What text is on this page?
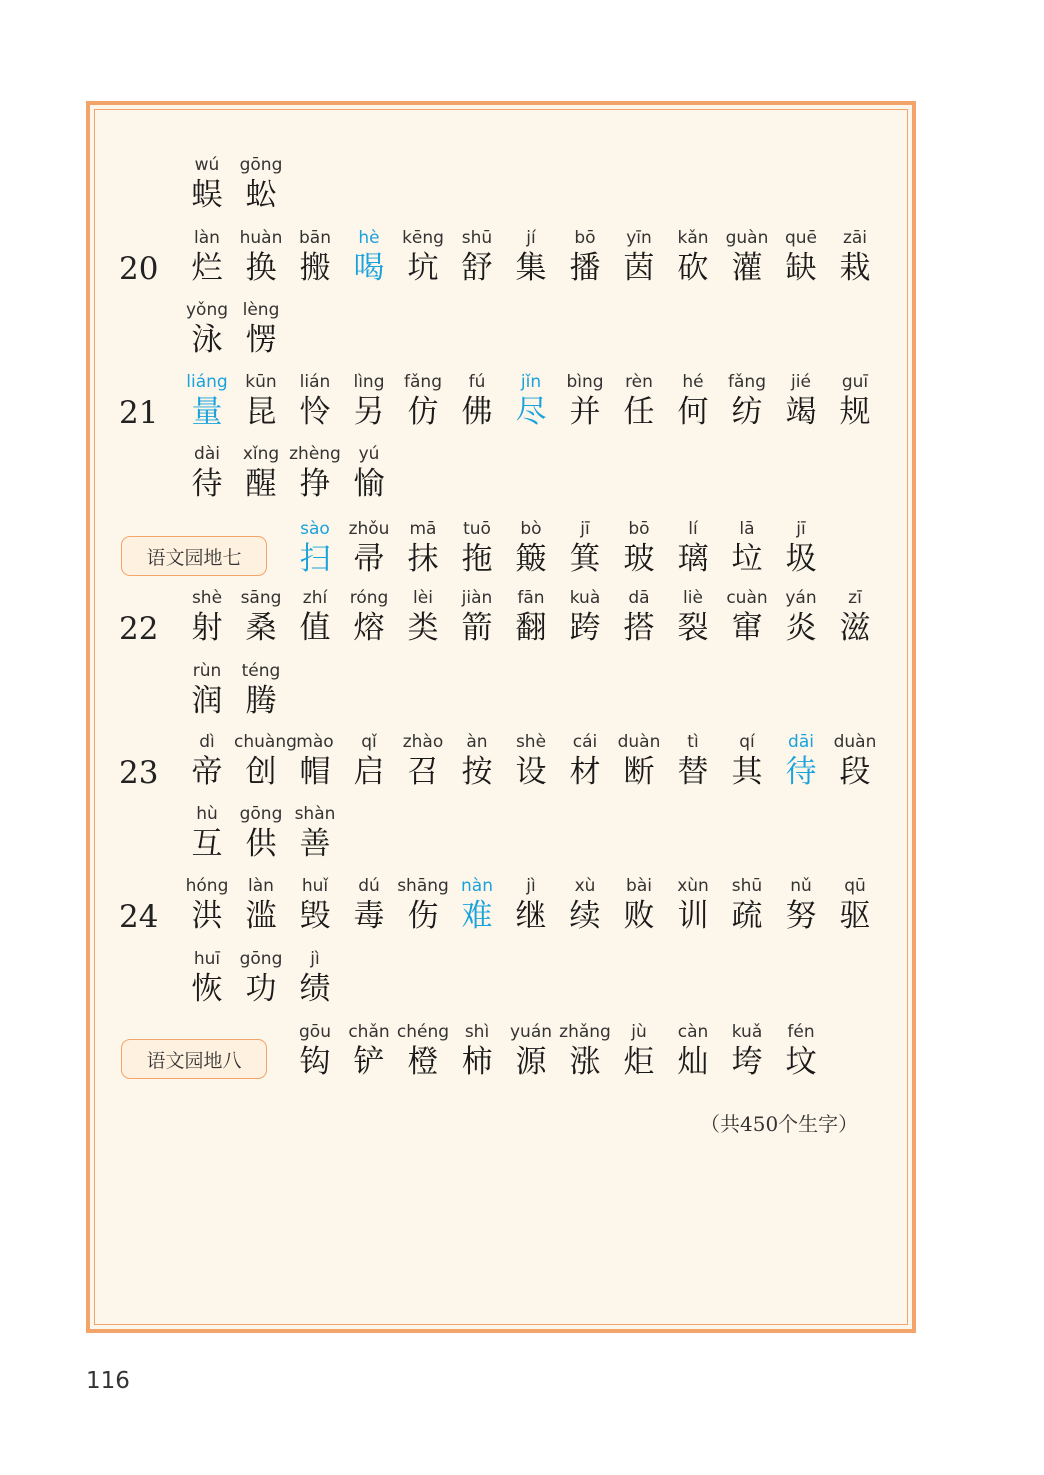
wú
蜈
gōng
蚣
20
làn
烂
huàn
换
bān
搬
hè
喝
kēng
坑
shū
舒
jí
集
bō
播
yīn
茵
kǎn
砍
guàn
灌
quē
缺
zāi
栽
yǒng
泳
lèng
愣
21
liáng
量
kūn
昆
lián
怜
lìng
另
fǎng
仿
fú
佛
jǐn
尽
bìng
并
rèn
任
hé
何
fǎng
纺
jié
竭
guī
规
dài
待
xǐng
醒
zhèng
挣
yú
愉
语文园地七
sào
扫
zhǒu
帚
mā
抹
tuō
拖
bò
簸
jī
箕
bō
玻
lí
璃
lā
垃
jī
圾
22
shè
射
sāng
桑
zhí
值
róng
熔
lèi
类
jiàn
箭
fān
翻
kuà
跨
dā
搭
liè
裂
cuàn
窜
yán
炎
zī
滋
rùn
润
téng
腾
23
dì
帝
chuàng
创
mào
帽
qǐ
启
zhào
召
àn
按
shè
设
cái
材
duàn
断
tì
替
qí
其
dāi
待
duàn
段
hù
互
gōng
供
shàn
善
24
hóng
洪
làn
滥
huǐ
毁
dú
毒
shāng
伤
nàn
难
jì
继
xù
续
bài
败
xùn
训
shū
疏
nǔ
努
qū
驱
huī
恢
gōng
功
jì
绩
语文园地八
gōu
钩
chǎn
铲
chéng
橙
shì
柿
yuán
源
zhǎng
涨
jù
炬
càn
灿
kuǎ
垮
fén
坟
（共450个生字）
116
